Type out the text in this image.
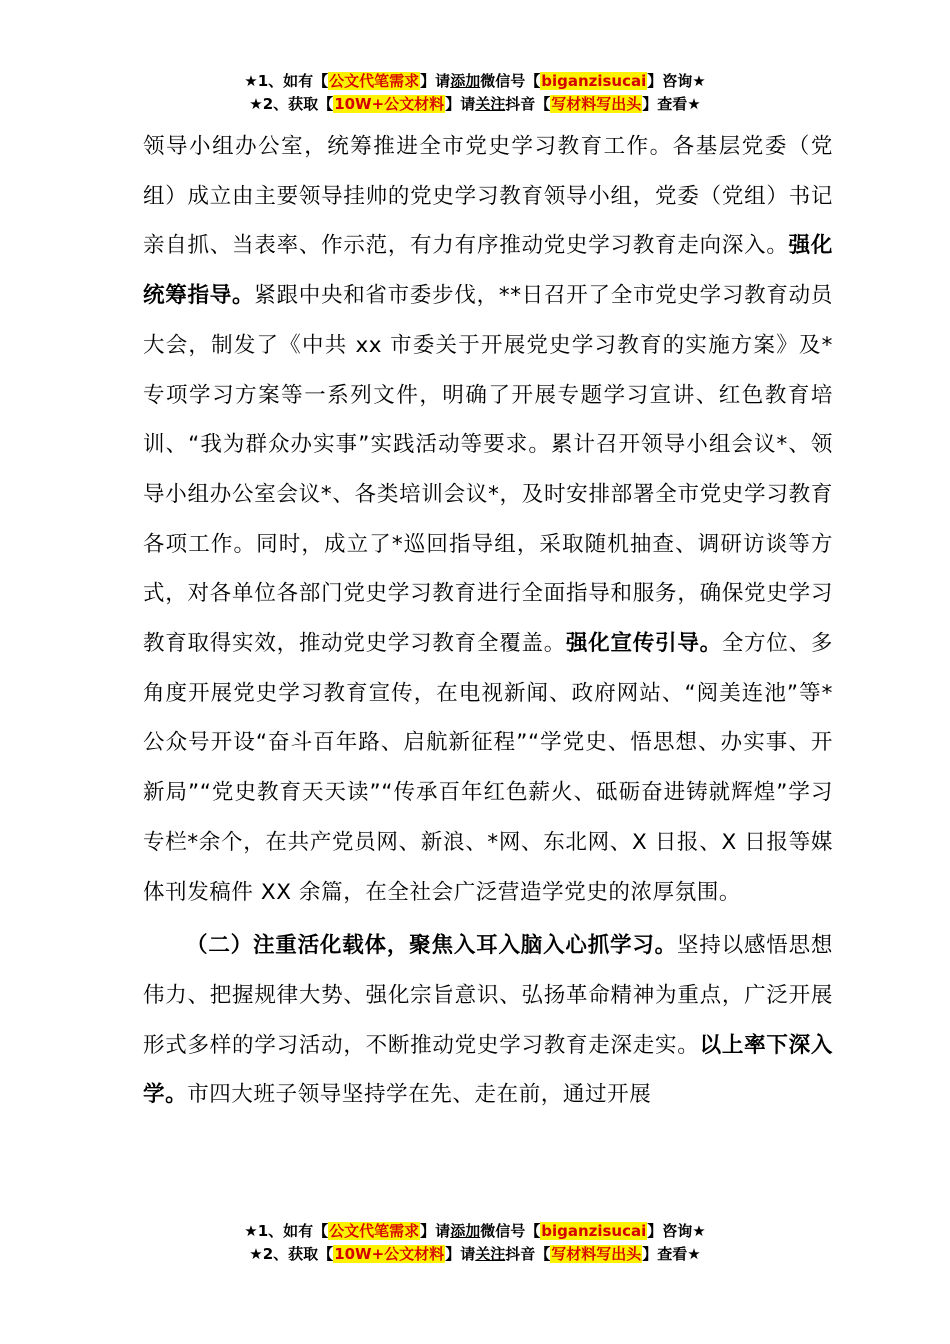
★1、如有【公文代笔需求】请添加微信号【biganzisucai】咨询★
★2、获取【10W+公文材料】请关注抖音【写材料写出头】查看★

领导小组办公室，统筹推进全市党史学习教育工作。各基层党委（党组）成立由主要领导挂帅的党史学习教育领导小组，党委（党组）书记亲自抓、当表率、作示范，有力有序推动党史学习教育走向深入。强化统筹指导。紧跟中央和省市委步伐，**日召开了全市党史学习教育动员大会，制发了《中共 xx 市委关于开展党史学习教育的实施方案》及*专项学习方案等一系列文件，明确了开展专题学习宣讲、红色教育培训、“我为群众办实事”实践活动等要求。累计召开领导小组会议*、领导小组办公室会议*、各类培训会议*，及时安排部署全市党史学习教育各项工作。同时，成立了*巡回指导组，采取随机抽查、调研访谈等方式，对各单位各部门党史学习教育进行全面指导和服务，确保党史学习教育取得实效，推动党史学习教育全覆盖。强化宣传引导。全方位、多角度开展党史学习教育宣传，在电视新闻、政府网站、“阅美连池”等*公众号开设“奋斗百年路、启航新征程”“学党史、悟思想、办实事、开新局”“党史教育天天读”“传承百年红色薪火、砥砺奋进铸就辉煌”学习专栏*余个，在共产党员网、新浪、*网、东北网、X 日报、X 日报等媒体刊发稿件 XX 余篇，在全社会广泛营造学党史的浓厚氛围。

（二）注重活化载体，聚焦入耳入脑入心抓学习。坚持以感悟思想伟力、把握规律大势、强化宗旨意识、弘扬革命精神为重点，广泛开展形式多样的学习活动，不断推动党史学习教育走深走实。以上率下深入学。市四大班子领导坚持学在先、走在前，通过开展

★1、如有【公文代笔需求】请添加微信号【biganzisucai】咨询★
★2、获取【10W+公文材料】请关注抖音【写材料写出头】查看★
